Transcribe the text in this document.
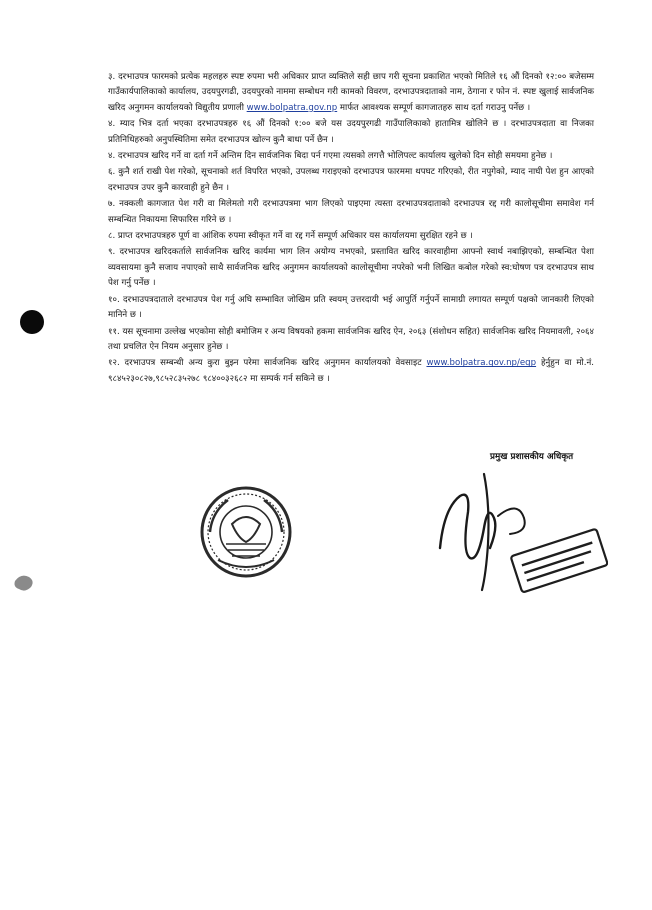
३. दरभाउपत्र फारमको प्रत्येक महलहरु स्पष्ट रुपमा भरी अधिकार प्राप्त व्यक्तिले सही छाप गरी सूचना प्रकाशित भएको मितिले १६ औं दिनको १२:०० बजेसम्म गाउँकार्यपालिकाको कार्यालय, उदयपुरगढी, उदयपुरको नाममा सम्बोधन गरी कामको विवरण, दरभाउपत्रदाताको नाम, ठेगाना र फोन नं. स्पष्ट खुलाई सार्वजनिक खरिद अनुगमन कार्यालयको विद्युतीय प्रणाली www.bolpatra.gov.np मार्फत आवश्यक सम्पूर्ण कागजातहरु साथ दर्ता गराउनु पर्नेछ ।

४. म्याद भित्र दर्ता भएका दरभाउपत्रहरु १६ औं दिनको १:०० बजे यस उदयपुरगढी गाउँपालिकाको हातामित्र खोलिने छ । दरभाउपत्रदाता वा निजका प्रतिनिधिहरुको अनुपस्थितिमा समेत दरभाउपत्र खोल्न कुनै बाधा पर्ने छैन ।

४. दरभाउपत्र खरिद गर्ने वा दर्ता गर्ने अन्तिम दिन सार्वजनिक बिदा पर्न गएमा त्यसको लगत्तै भोलिपल्ट कार्यालय खुलेको दिन सोही समयमा हुनेछ ।

६. कुनै शर्त राखी पेश गरेको, सूचनाको शर्त विपरित भएको, उपलब्ध गराइएको दरभाउपत्र फारममा थपघट गरिएको, रीत नपुगेको, म्याद नाघी पेश हुन आएको दरभाउपत्र उपर कुनै कारवाही हुने छैन ।

७. नक्कली कागजात पेश गरी वा मिलेमतो गरी दरभाउपत्रमा भाग लिएको पाइएमा त्यस्ता दरभाउपत्रदाताको दरभाउपत्र रद्द गरी कालोसूचीमा समावेश गर्न सम्बन्धित निकायमा सिफारिस गरिने छ ।

८. प्राप्त दरभाउपत्रहरु पूर्ण वा आंशिक रुपमा स्वीकृत गर्ने वा रद्द गर्ने सम्पूर्ण अधिकार यस कार्यालयमा सुरक्षित रहने छ ।

९. दरभाउपत्र खरिदकर्ताले सार्वजनिक खरिद कार्यमा भाग लिन अयोग्य नभएको, प्रस्तावित खरिद कारवाहीमा आफ्नो स्वार्थ नबाझिएको, सम्बन्धित पेशा व्यवसायमा कुनै सजाय नपाएको साथै सार्वजनिक खरिद अनुगमन कार्यालयको कालोसूचीमा नपरेको भनी लिखित कबोल गरेको स्व:घोषण पत्र दरभाउपत्र साथ पेश गर्नु पर्नेछ ।

१०. दरभाउपत्रदाताले दरभाउपत्र पेश गर्नु अघि सम्भावित जोखिम प्रति स्वयम् उत्तरदायी भई आपुर्ति गर्नुपर्ने सामाग्री लगायत सम्पूर्ण पक्षको जानकारी लिएको मानिने छ ।

११. यस सूचनामा उल्लेख भएकोमा सोही बमोजिम र अन्य विषयको हकमा सार्वजनिक खरिद ऐन, २०६३ (संशोधन सहित) सार्वजनिक खरिद नियमावली, २०६४ तथा प्रचलित ऐन नियम अनुसार हुनेछ ।

१२. दरभाउपत्र सम्बन्धी अन्य कुरा बुझ्न परेमा सार्वजनिक खरिद अनुगमन कार्यालयको वेवसाइट www.bolpatra.gov.np/egp हेर्नुहुन वा मो.नं. ९८४५२३०८२७,९८५२८३५२७८ ९८४००३२६८२ मा सम्पर्क गर्न सकिने छ ।

प्रमुख प्रशासकीय अधिकृत
